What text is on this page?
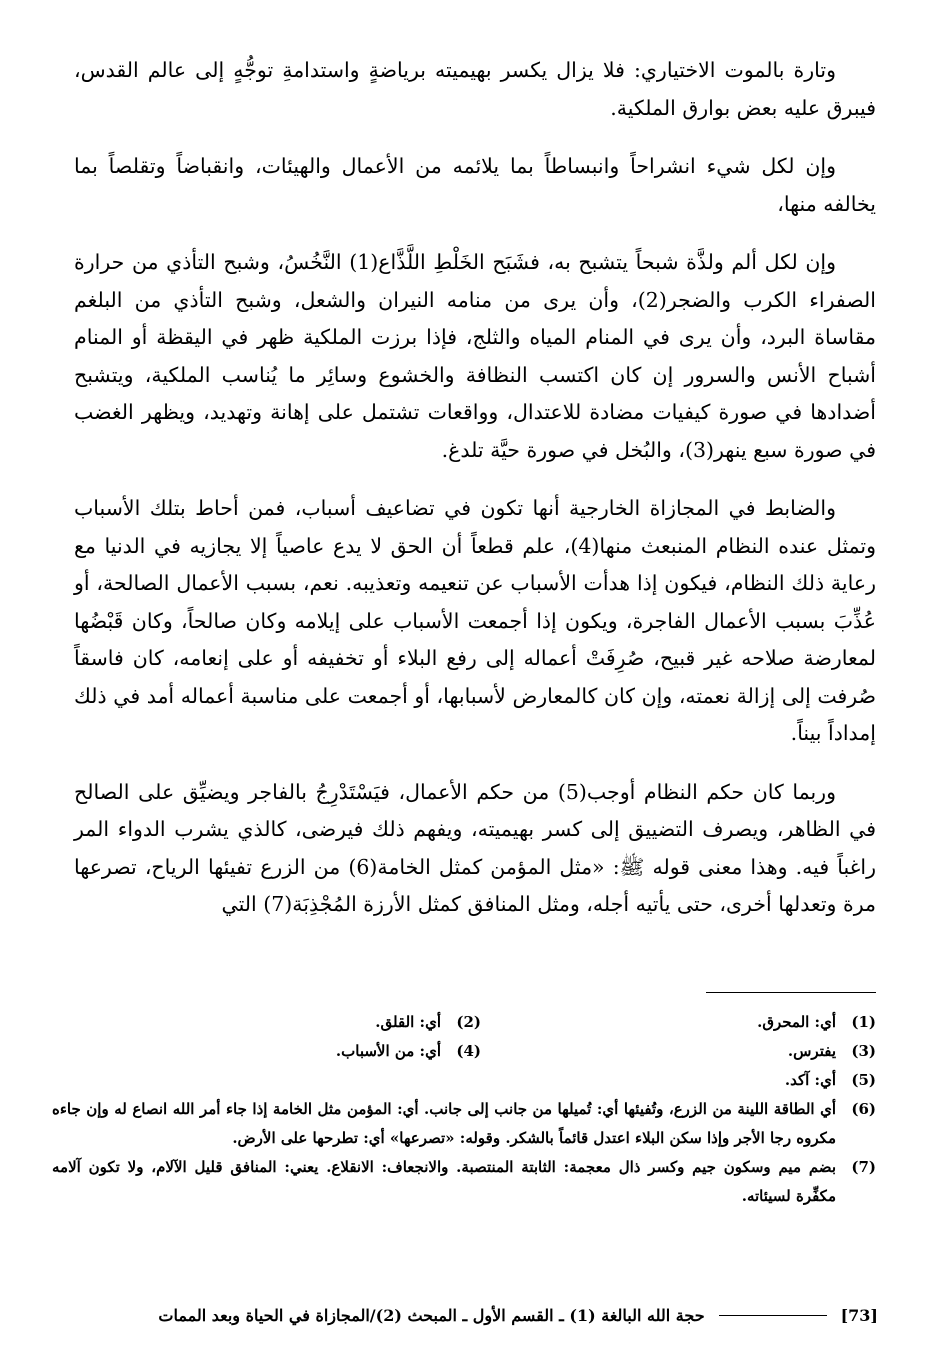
وتارة بالموت الاختياري: فلا يزال يكسر بهيميته برياضةٍ واستدامةِ توجُّهٍ إلى عالم القدس، فيبرق عليه بعض بوارق الملكية.

وإن لكل شيء انشراحاً وانبساطاً بما يلائمه من الأعمال والهيئات، وانقباضاً وتقلصاً بما يخالفه منها،

وإن لكل ألم ولذَّة شبحاً يتشبح به، فشَبَح الخَلْطِ اللَّذَّاع(1) النَّخُسُ، وشبح التأذي من حرارة الصفراء الكرب والضجر(2)، وأن يرى من منامه النيران والشعل، وشبح التأذي من البلغم مقاساة البرد، وأن يرى في المنام المياه والثلج، فإذا برزت الملكية ظهر في اليقظة أو المنام أشباح الأنس والسرور إن كان اكتسب النظافة والخشوع وسائِر ما يُناسب الملكية، ويتشبح أضدادها في صورة كيفيات مضادة للاعتدال، وواقعات تشتمل على إهانة وتهديد، ويظهر الغضب في صورة سبع ينهر(3)، والبُخل في صورة حيَّة تلدغ.

والضابط في المجازاة الخارجية أنها تكون في تضاعيف أسباب، فمن أحاط بتلك الأسباب وتمثل عنده النظام المنبعث منها(4)، علم قطعاً أن الحق لا يدع عاصياً إلا يجازيه في الدنيا مع رعاية ذلك النظام، فيكون إذا هدأت الأسباب عن تنعيمه وتعذيبه. نعم، بسبب الأعمال الصالحة، أو عُذِّبَ بسبب الأعمال الفاجرة، ويكون إذا أجمعت الأسباب على إيلامه وكان صالحاً، وكان قَبْضُها لمعارضة صلاحه غير قبيح، صُرِفَتْ أعماله إلى رفع البلاء أو تخفيفه أو على إنعامه، كان فاسقاً صُرفت إلى إزالة نعمته، وإن كان كالمعارض لأسبابها، أو أجمعت على مناسبة أعماله أمد في ذلك إمداداً بيناً.

وربما كان حكم النظام أوجب(5) من حكم الأعمال، فيَسْتَدْرِجُ بالفاجر ويضيِّق على الصالح في الظاهر، ويصرف التضييق إلى كسر بهيميته، ويفهم ذلك فيرضى، كالذي يشرب الدواء المر راغباً فيه. وهذا معنى قوله ﷺ: «مثل المؤمن كمثل الخامة(6) من الزرع تفيئها الرياح، تصرعها مرة وتعدلها أخرى، حتى يأتيه أجله، ومثل المنافق كمثل الأرزة المُجْذِبَة(7) التي

(1)
أي: المحرق.
(2)
أي: القلق.
(3)
يفترس.
(4)
أي: من الأسباب.
(5)
أي: آكد.
(6)
أي الطاقة اللينة من الزرع، وتُفيئها أي: تُميلها من جانب إلى جانب. أي: المؤمن مثل الخامة إذا جاء أمر الله انصاع له وإن جاءه مكروه رجا الأجر وإذا سكن البلاء اعتدل قائماً بالشكر. وقوله: «تصرعها» أي: تطرحها على الأرض.
(7)
بضم ميم وسكون جيم وكسر ذال معجمة: الثابتة المنتصبة. والانجعاف: الانقلاع. يعني: المنافق قليل الآلام، ولا تكون آلامه مكفِّرة لسيئاته.
[73]
حجة الله البالغة (1) ـ القسم الأول ـ المبحث (2)/المجازاة في الحياة وبعد الممات
